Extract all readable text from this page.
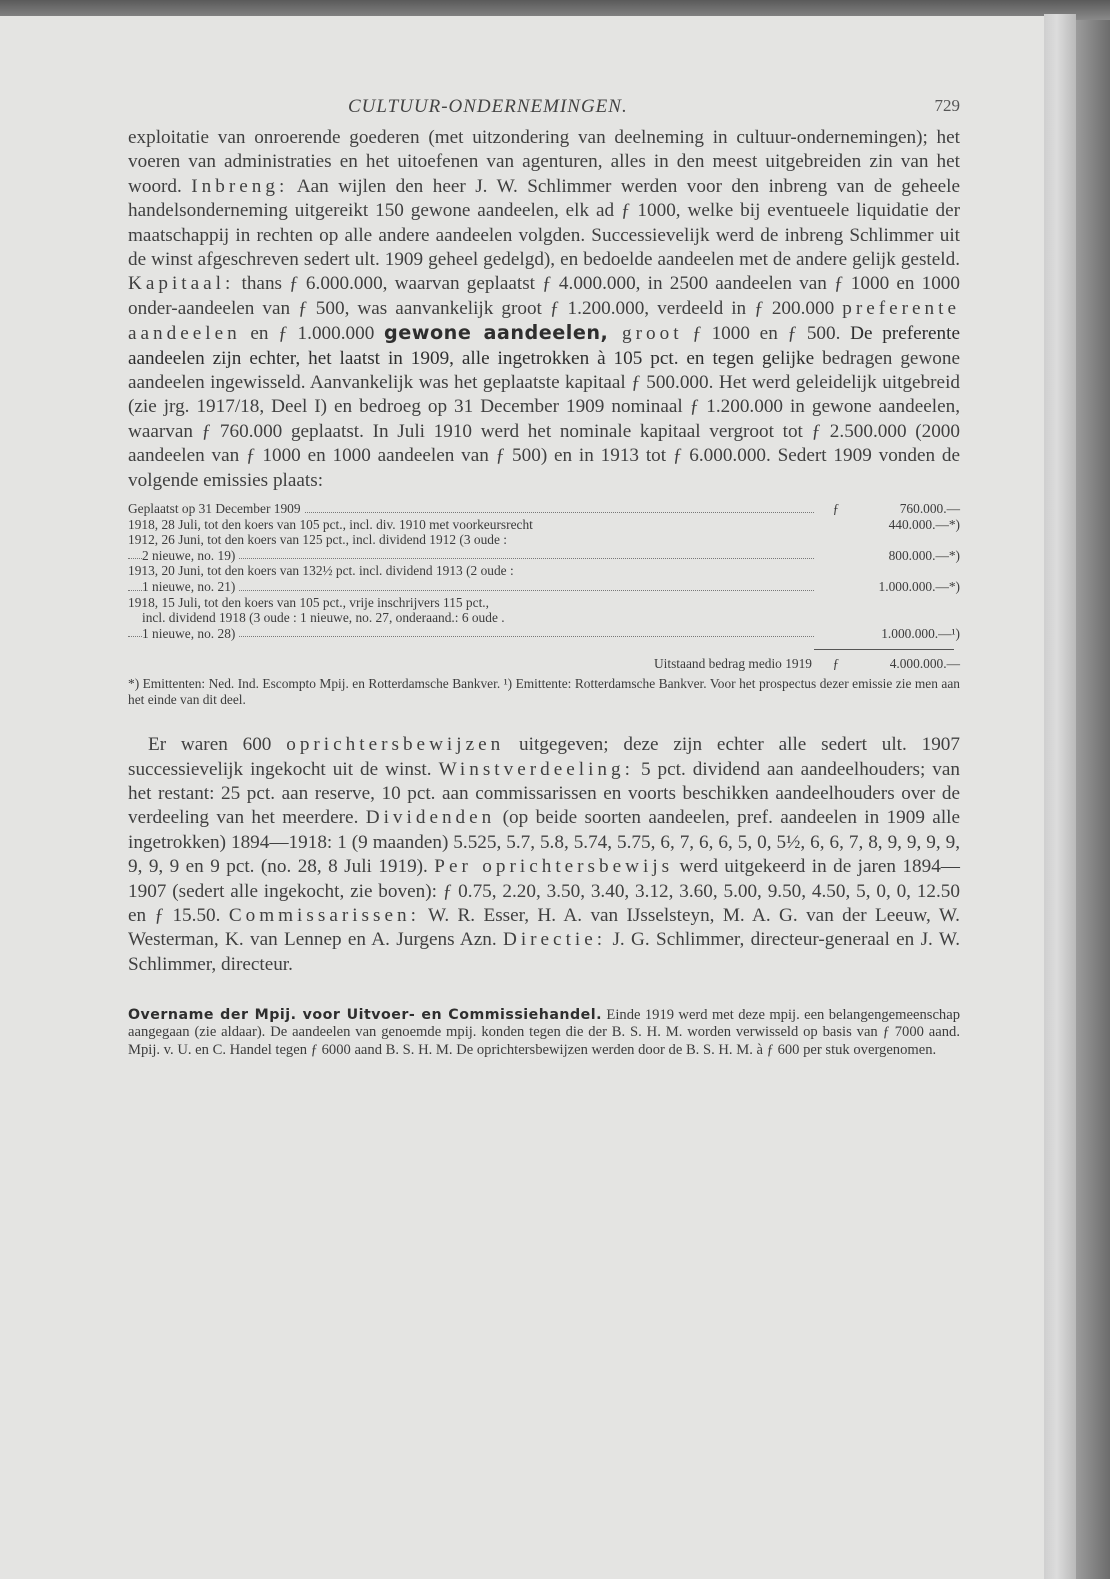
CULTUUR-ONDERNEMINGEN.	729

exploitatie van onroerende goederen (met uitzondering van deelneming in cultuur-ondernemingen); het voeren van administraties en het uitoefenen van agenturen, alles in den meest uitgebreiden zin van het woord. Inbreng: Aan wijlen den heer J. W. Schlimmer werden voor den inbreng van de geheele handelsonderneming uitgereikt 150 gewone aandeelen, elk ad ƒ 1000, welke bij eventueele liquidatie der maatschappij in rechten op alle andere aandeelen volgden. Successievelijk werd de inbreng Schlimmer uit de winst afgeschreven sedert ult. 1909 geheel gedelgd), en bedoelde aandeelen met de andere gelijk gesteld. Kapitaal: thans ƒ 6.000.000, waarvan geplaatst ƒ 4.000.000, in 2500 aandeelen van ƒ 1000 en 1000 onder-aandeelen van ƒ 500, was aanvankelijk groot ƒ 1.200.000, verdeeld in ƒ 200.000 preferente aandeelen en ƒ 1.000.000 gewone aandeelen, groot ƒ 1000 en ƒ 500. De preferente aandeelen zijn echter, het laatst in 1909, alle ingetrokken à 105 pct. en tegen gelijke bedragen gewone aandeelen ingewisseld. Aanvankelijk was het geplaatste kapitaal ƒ 500.000. Het werd geleidelijk uitgebreid (zie jrg. 1917/18, Deel I) en bedroeg op 31 December 1909 nominaal ƒ 1.200.000 in gewone aandeelen, waarvan ƒ 760.000 geplaatst. In Juli 1910 werd het nominale kapitaal vergroot tot ƒ 2.500.000 (2000 aandeelen van ƒ 1000 en 1000 aandeelen van ƒ 500) en in 1913 tot ƒ 6.000.000. Sedert 1909 vonden de volgende emissies plaats:

Geplaatst op 31 December 1909	ƒ	760.000.—
1918, 28 Juli, tot den koers van 105 pct., incl. div. 1910 met voorkeursrecht	440.000.—*)
1912, 26 Juni, tot den koers van 125 pct., incl. dividend 1912 (3 oude :
2 nieuwe, no. 19)	800.000.—*)
1913, 20 Juni, tot den koers van 132½ pct. incl. dividend 1913 (2 oude :
1 nieuwe, no. 21)	1.000.000.—*)
1918, 15 Juli, tot den koers van 105 pct., vrije inschrijvers 115 pct.,
incl. dividend 1918 (3 oude : 1 nieuwe, no. 27, onderaand.: 6 oude .
1 nieuwe, no. 28)	1.000.000.—¹)
Uitstaand bedrag medio 1919	ƒ	4.000.000.—
*) Emittenten: Ned. Ind. Escompto Mpij. en Rotterdamsche Bankver. ¹) Emittente: Rotterdamsche Bankver. Voor het prospectus dezer emissie zie men aan het einde van dit deel.

Er waren 600 oprichtersbewijzen uitgegeven; deze zijn echter alle sedert ult. 1907 successievelijk ingekocht uit de winst. Winstverdeeling: 5 pct. dividend aan aandeelhouders; van het restant: 25 pct. aan reserve, 10 pct. aan commissarissen en voorts beschikken aandeelhouders over de verdeeling van het meerdere. Dividenden (op beide soorten aandeelen, pref. aandeelen in 1909 alle ingetrokken) 1894—1918: 1 (9 maanden) 5.525, 5.7, 5.8, 5.74, 5.75, 6, 7, 6, 6, 5, 0, 5½, 6, 6, 7, 8, 9, 9, 9, 9, 9, 9, 9 en 9 pct. (no. 28, 8 Juli 1919). Per oprichtersbewijs werd uitgekeerd in de jaren 1894—1907 (sedert alle ingekocht, zie boven): ƒ 0.75, 2.20, 3.50, 3.40, 3.12, 3.60, 5.00, 9.50, 4.50, 5, 0, 0, 12.50 en ƒ 15.50. Commissarissen: W. R. Esser, H. A. van IJsselsteyn, M. A. G. van der Leeuw, W. Westerman, K. van Lennep en A. Jurgens Azn. Directie: J. G. Schlimmer, directeur-generaal en J. W. Schlimmer, directeur.

Overname der Mpij. voor Uitvoer- en Commissiehandel. Einde 1919 werd met deze mpij. een belangengemeenschap aangegaan (zie aldaar). De aandeelen van genoemde mpij. konden tegen die der B. S. H. M. worden verwisseld op basis van ƒ 7000 aand. Mpij. v. U. en C. Handel tegen ƒ 6000 aand B. S. H. M. De oprichtersbewijzen werden door de B. S. H. M. à ƒ 600 per stuk overgenomen.
